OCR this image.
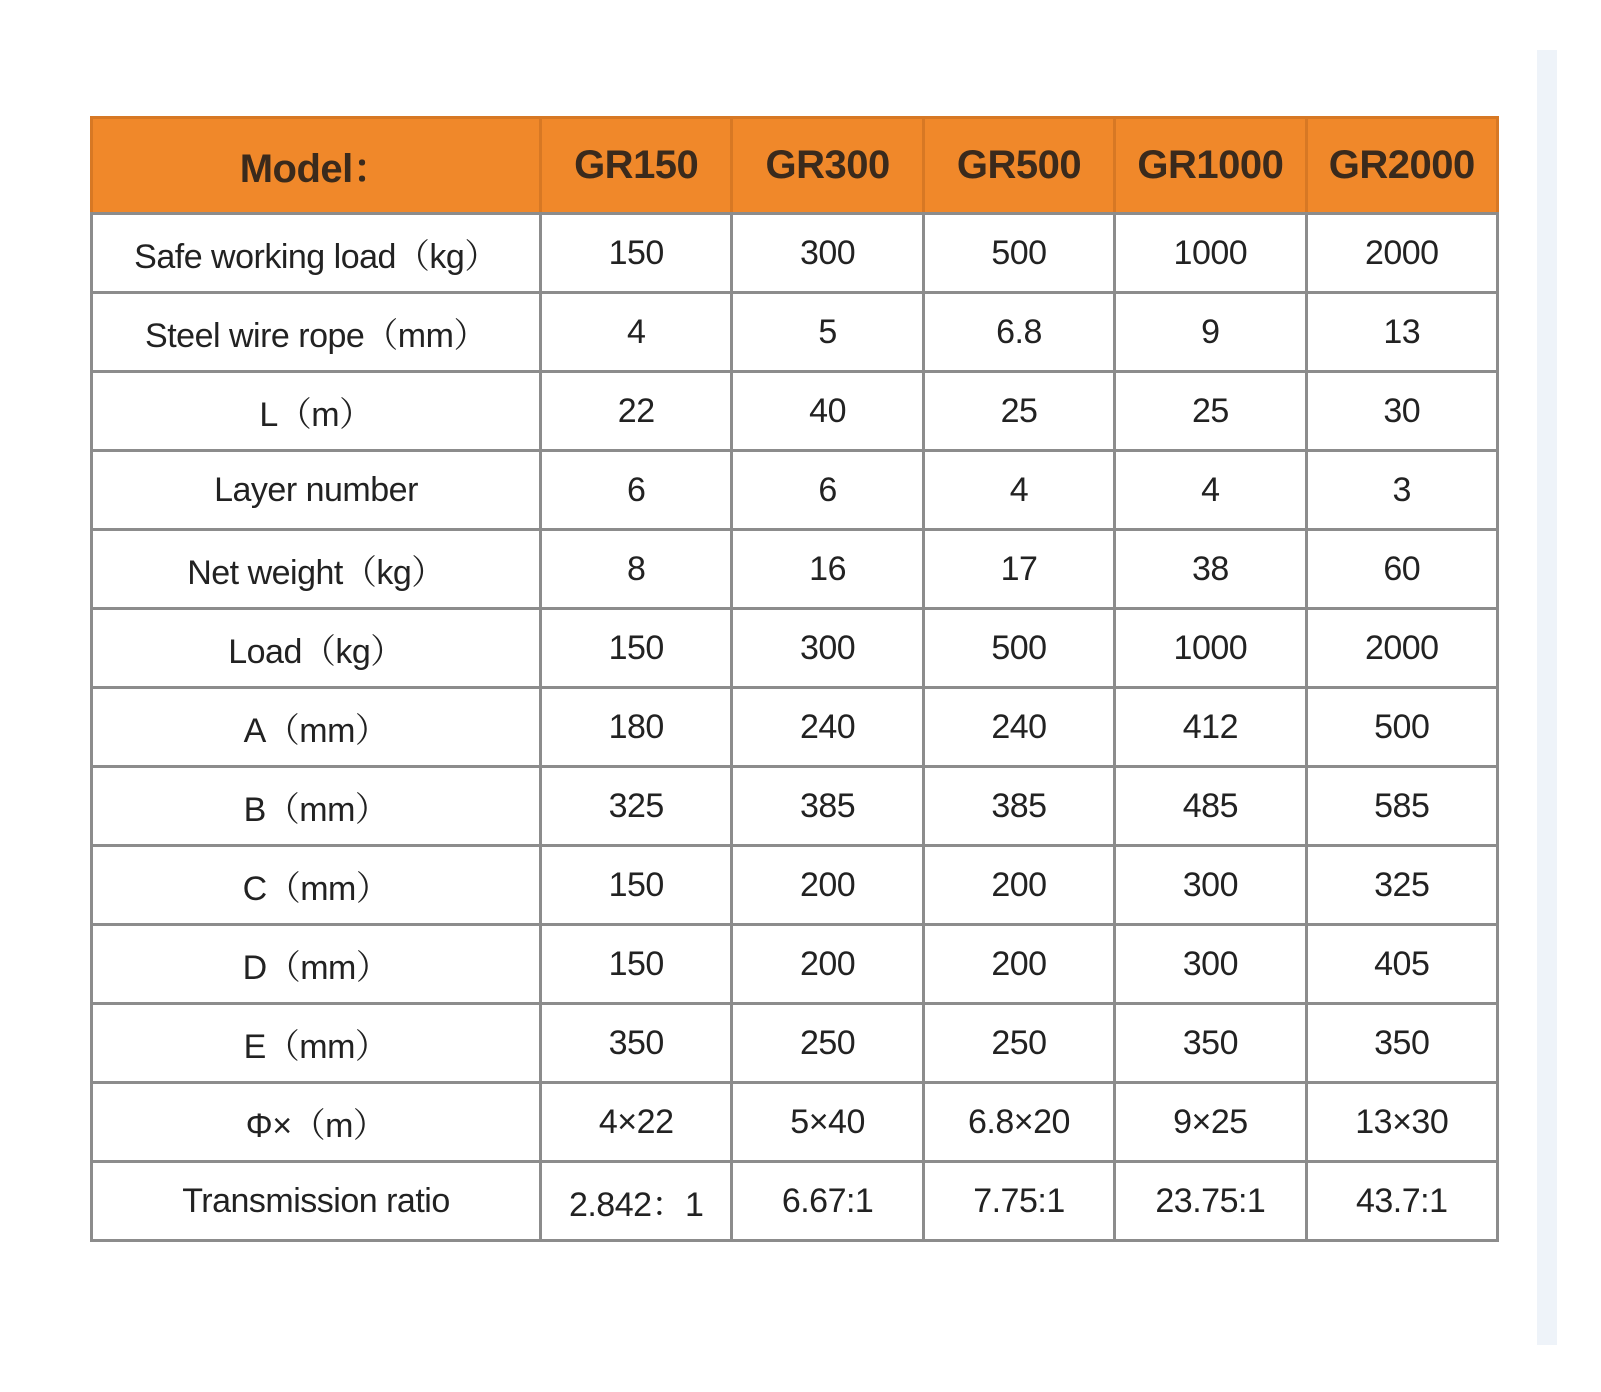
Model：	GR150	GR300	GR500	GR1000	GR2000
Safe working load（kg）	150	300	500	1000	2000
Steel wire rope（mm）	4	5	6.8	9	13
L（m）	22	40	25	25	30
Layer number	6	6	4	4	3
Net weight（kg）	8	16	17	38	60
Load（kg）	150	300	500	1000	2000
A（mm）	180	240	240	412	500
B（mm）	325	385	385	485	585
C（mm）	150	200	200	300	325
D（mm）	150	200	200	300	405
E（mm）	350	250	250	350	350
Φ×（m）	4×22	5×40	6.8×20	9×25	13×30
Transmission ratio	2.842：1	6.67:1	7.75:1	23.75:1	43.7:1
